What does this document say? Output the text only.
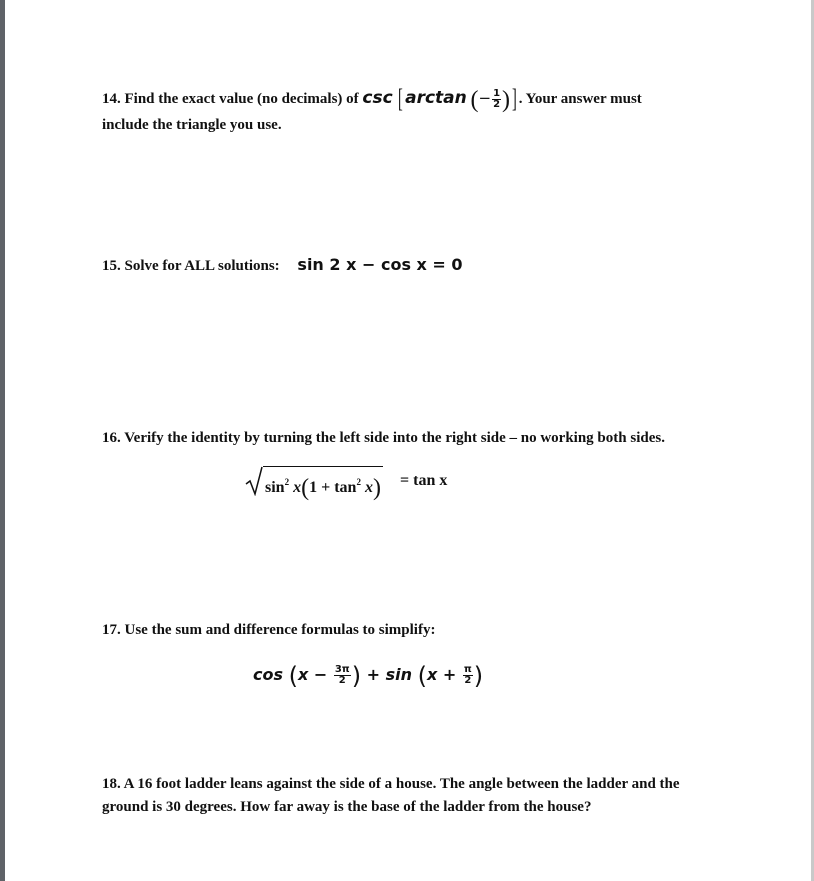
14. Find the exact value (no decimals) of csc [ arctan (− $\frac{1}{2}$ )] . Your answer must
include the triangle you use.
15. Solve for ALL solutions: sin 2 x − cos x = 0
16. Verify the identity by turning the left side into the right side – no working both sides.
$\sin^2 x(1 + \tan^2 x) = \tan x$
17. Use the sum and difference formulas to simplify:
$\cos (x - \frac{3\pi}{2}$ ) + $\sin (x + \frac{\pi}{2}$ )
18. A 16 foot ladder leans against the side of a house. The angle between the ladder and the
ground is 30 degrees. How far away is the base of the ladder from the house?
